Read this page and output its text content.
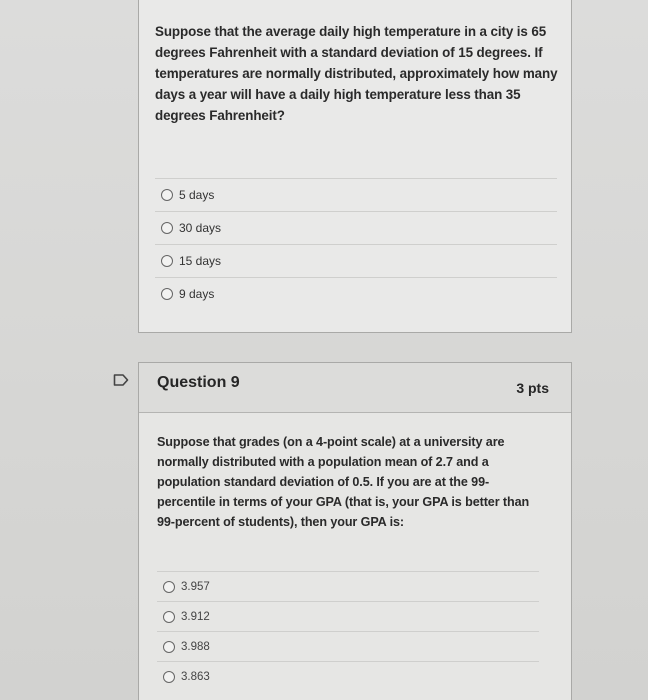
Suppose that the average daily high temperature in a city is 65 degrees Fahrenheit with a standard deviation of 15 degrees. If temperatures are normally distributed, approximately how many days a year will have a daily high temperature less than 35 degrees Fahrenheit?
5 days
30 days
15 days
9 days
Question 9	3 pts
Suppose that grades (on a 4-point scale) at a university are normally distributed with a population mean of 2.7 and a population standard deviation of 0.5. If you are at the 99-percentile in terms of your GPA (that is, your GPA is better than 99-percent of students), then your GPA is:
3.957
3.912
3.988
3.863
